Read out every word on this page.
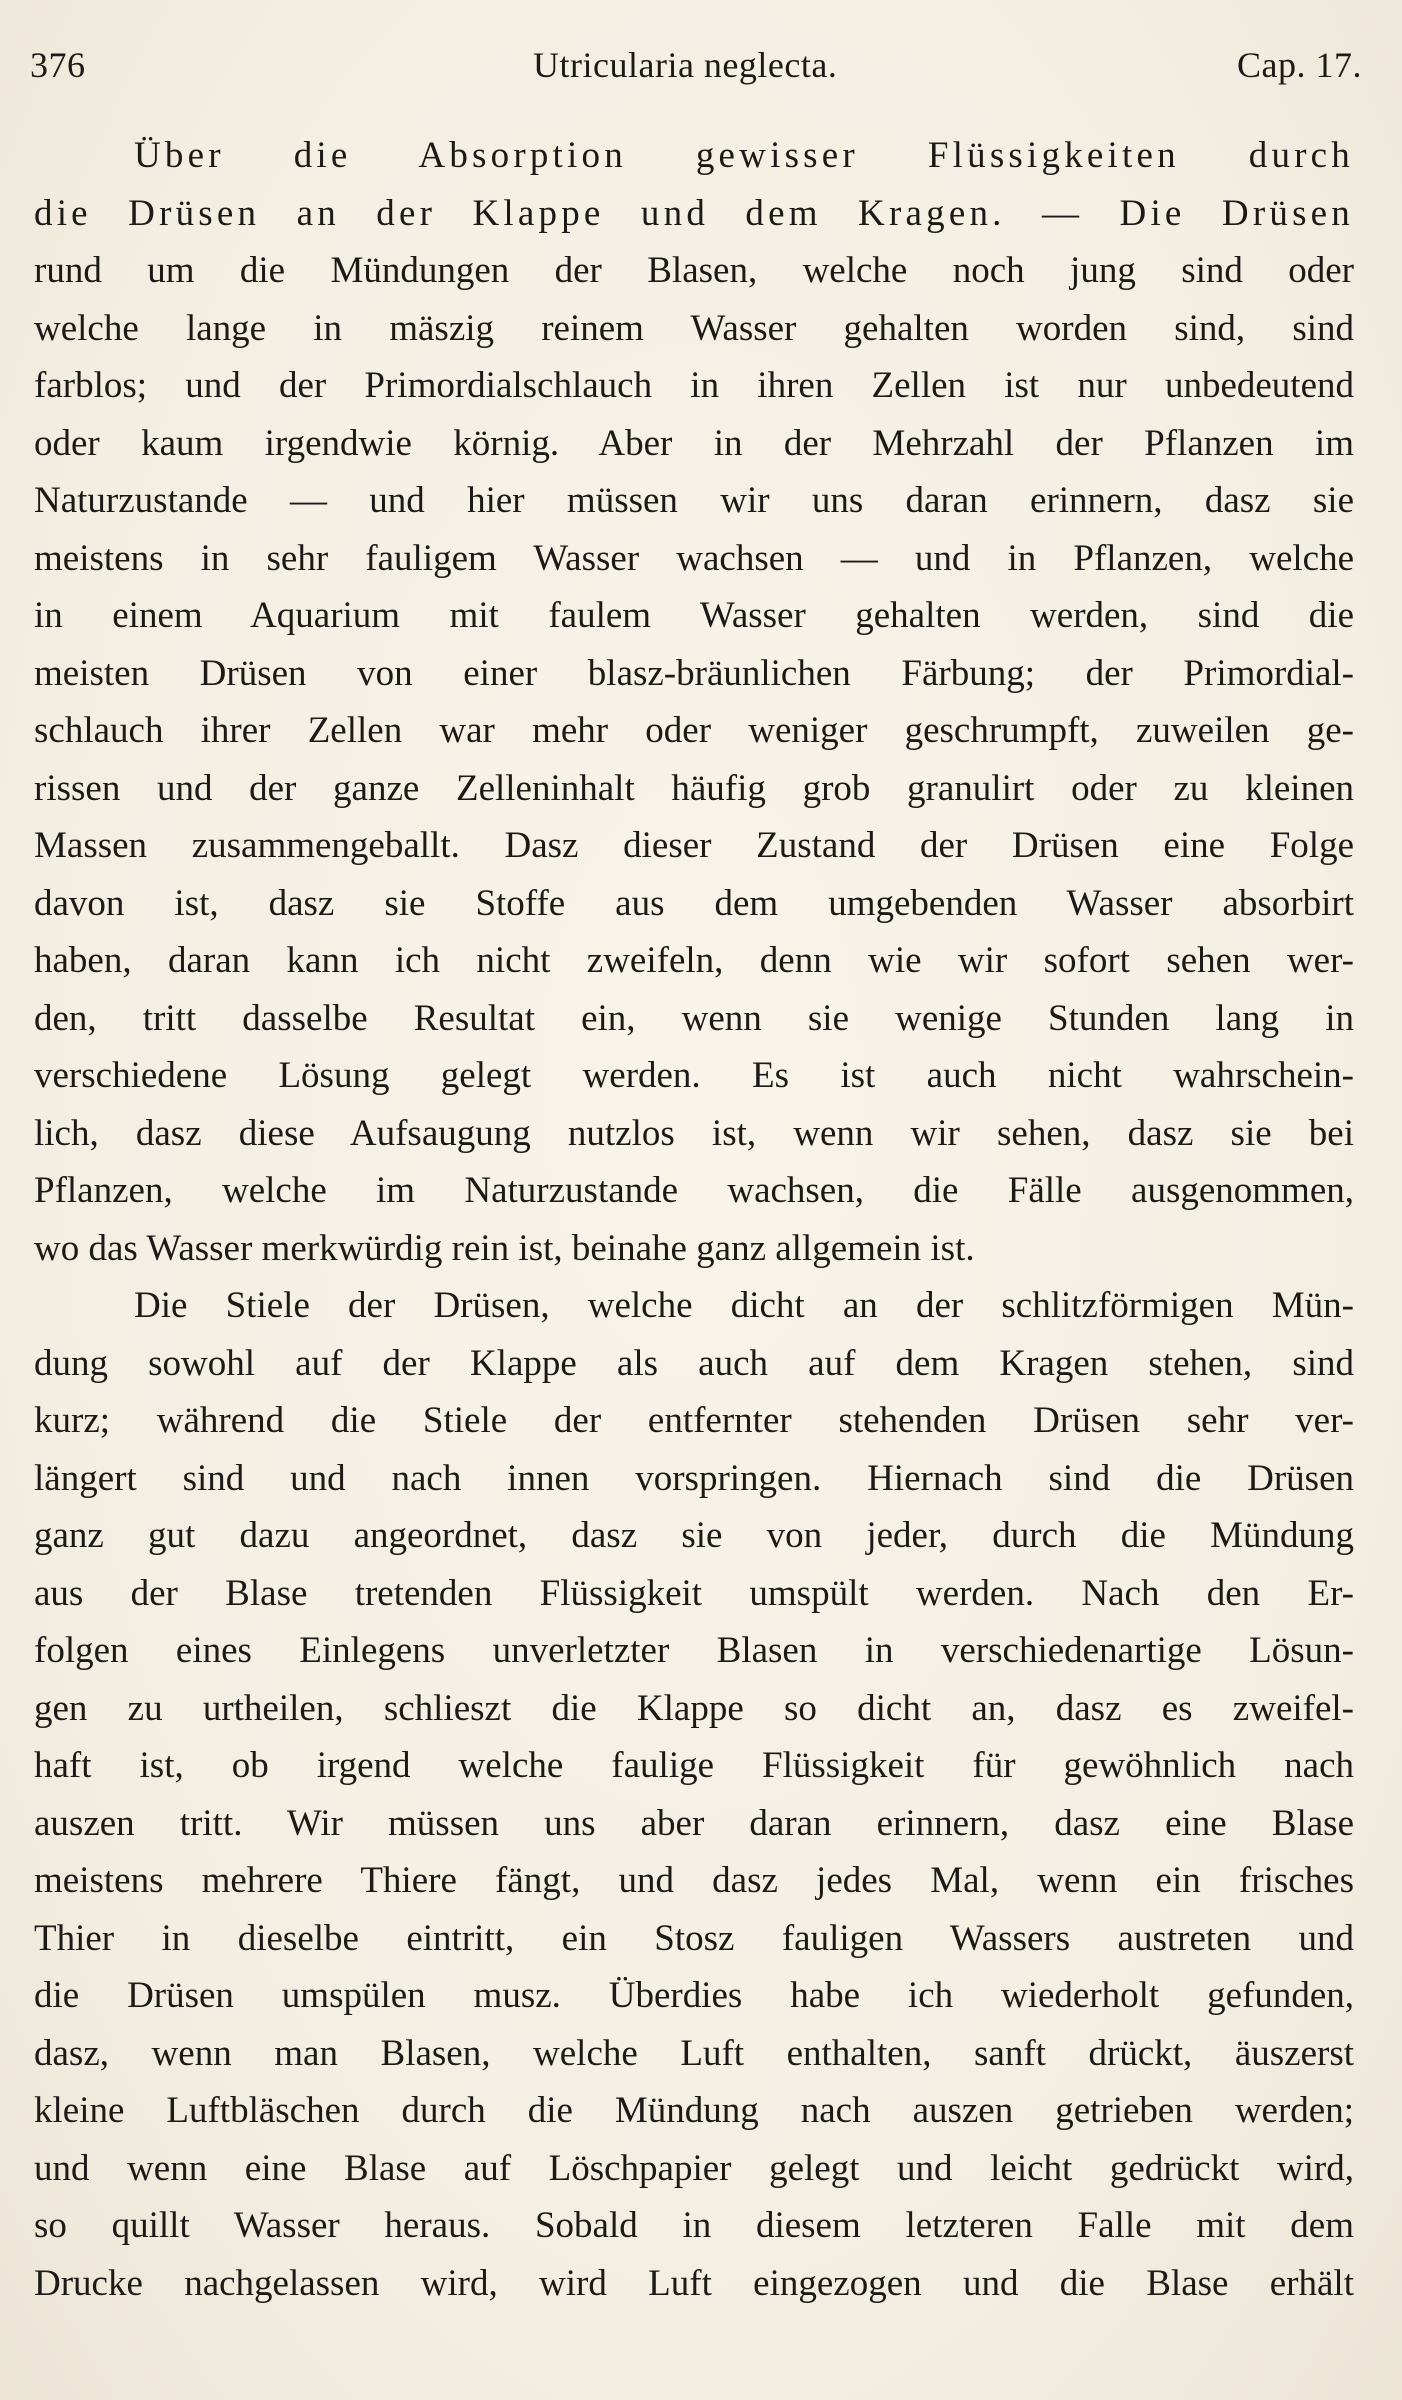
376	Utricularia neglecta.	Cap. 17.
Über die Absorption gewisser Flüssigkeiten durch
die Drüsen an der Klappe und dem Kragen. — Die Drüsen
rund um die Mündungen der Blasen, welche noch jung sind oder
welche lange in mäszig reinem Wasser gehalten worden sind, sind
farblos; und der Primordialschlauch in ihren Zellen ist nur unbedeutend
oder kaum irgendwie körnig. Aber in der Mehrzahl der Pflanzen im
Naturzustande — und hier müssen wir uns daran erinnern, dasz sie
meistens in sehr fauligem Wasser wachsen — und in Pflanzen, welche
in einem Aquarium mit faulem Wasser gehalten werden, sind die
meisten Drüsen von einer blasz-bräunlichen Färbung; der Primordial-
schlauch ihrer Zellen war mehr oder weniger geschrumpft, zuweilen ge-
rissen und der ganze Zelleninhalt häufig grob granulirt oder zu kleinen
Massen zusammengeballt. Dasz dieser Zustand der Drüsen eine Folge
davon ist, dasz sie Stoffe aus dem umgebenden Wasser absorbirt
haben, daran kann ich nicht zweifeln, denn wie wir sofort sehen wer-
den, tritt dasselbe Resultat ein, wenn sie wenige Stunden lang in
verschiedene Lösung gelegt werden. Es ist auch nicht wahrschein-
lich, dasz diese Aufsaugung nutzlos ist, wenn wir sehen, dasz sie bei
Pflanzen, welche im Naturzustande wachsen, die Fälle ausgenommen,
wo das Wasser merkwürdig rein ist, beinahe ganz allgemein ist.
Die Stiele der Drüsen, welche dicht an der schlitzförmigen Mün-
dung sowohl auf der Klappe als auch auf dem Kragen stehen, sind
kurz; während die Stiele der entfernter stehenden Drüsen sehr ver-
längert sind und nach innen vorspringen. Hiernach sind die Drüsen
ganz gut dazu angeordnet, dasz sie von jeder, durch die Mündung
aus der Blase tretenden Flüssigkeit umspült werden. Nach den Er-
folgen eines Einlegens unverletzter Blasen in verschiedenartige Lösun-
gen zu urtheilen, schlieszt die Klappe so dicht an, dasz es zweifel-
haft ist, ob irgend welche faulige Flüssigkeit für gewöhnlich nach
auszen tritt. Wir müssen uns aber daran erinnern, dasz eine Blase
meistens mehrere Thiere fängt, und dasz jedes Mal, wenn ein frisches
Thier in dieselbe eintritt, ein Stosz fauligen Wassers austreten und
die Drüsen umspülen musz. Überdies habe ich wiederholt gefunden,
dasz, wenn man Blasen, welche Luft enthalten, sanft drückt, äuszerst
kleine Luftbläschen durch die Mündung nach auszen getrieben werden;
und wenn eine Blase auf Löschpapier gelegt und leicht gedrückt wird,
so quillt Wasser heraus. Sobald in diesem letzteren Falle mit dem
Drucke nachgelassen wird, wird Luft eingezogen und die Blase erhält
